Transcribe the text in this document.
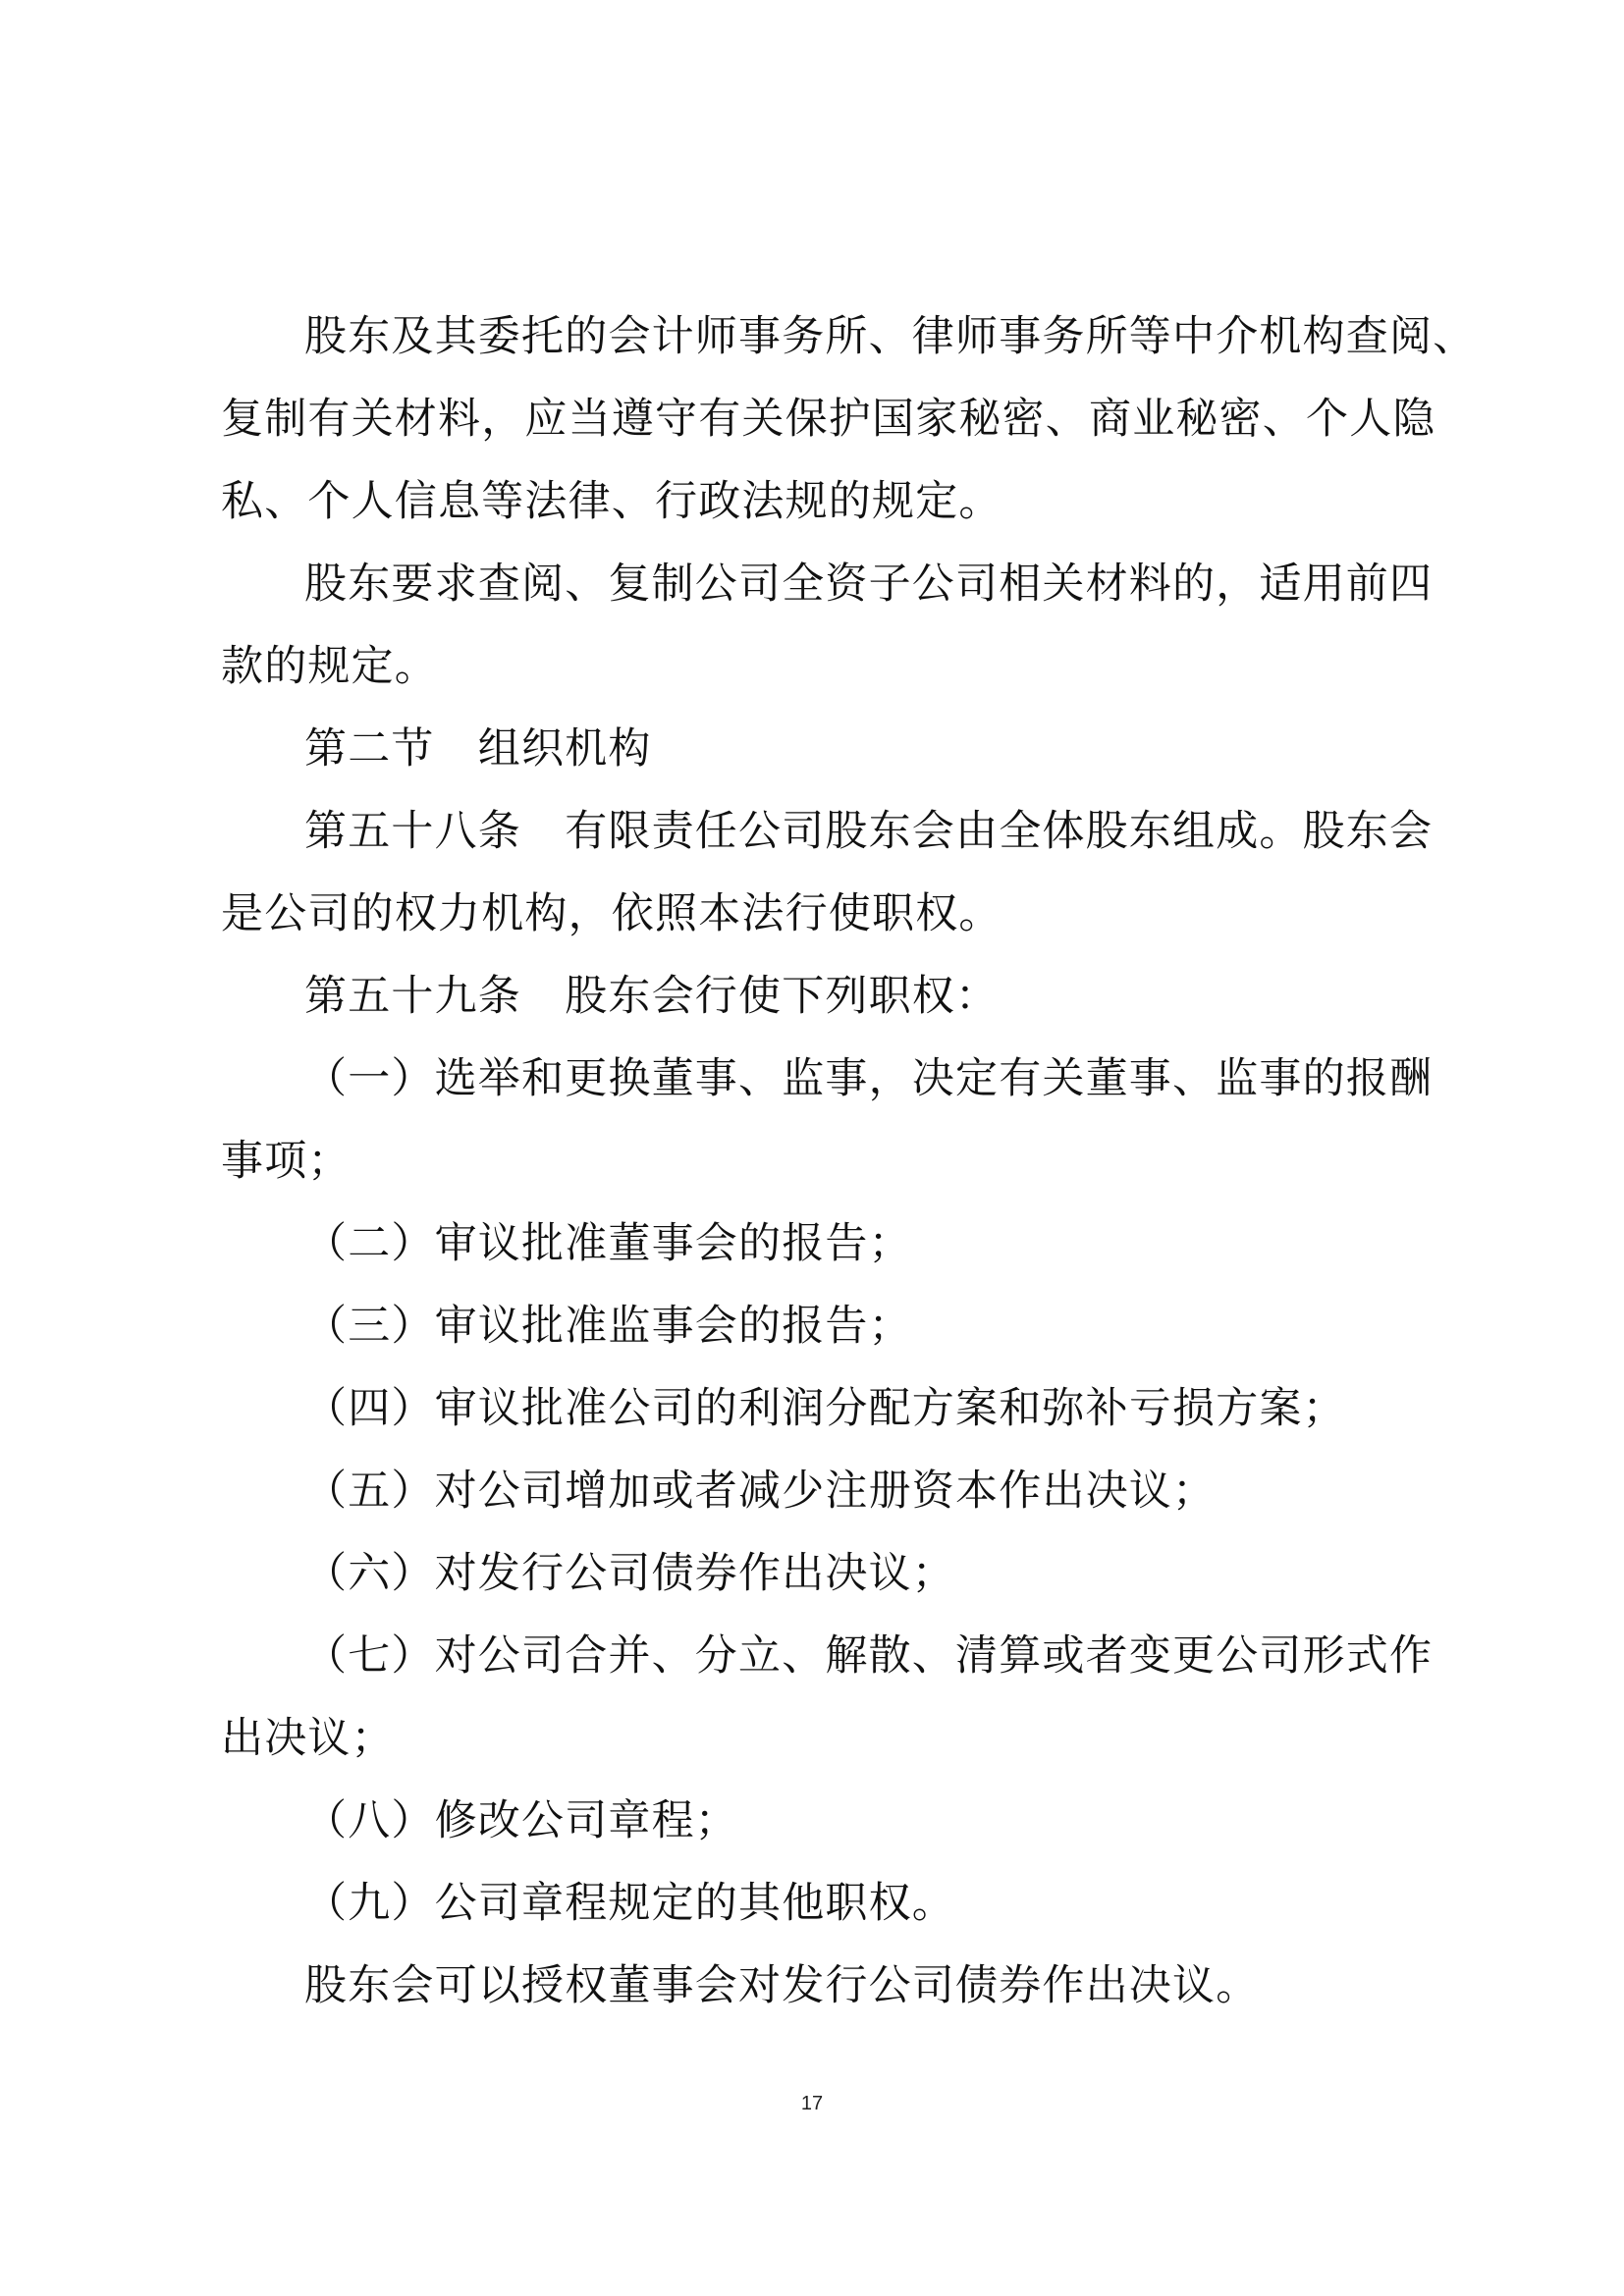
股东及其委托的会计师事务所、律师事务所等中介机构查阅、
复制有关材料，应当遵守有关保护国家秘密、商业秘密、个人隐
私、个人信息等法律、行政法规的规定。
股东要求查阅、复制公司全资子公司相关材料的，适用前四
款的规定。
第二节　组织机构
第五十八条　有限责任公司股东会由全体股东组成。股东会
是公司的权力机构，依照本法行使职权。
第五十九条　股东会行使下列职权：
（一）选举和更换董事、监事，决定有关董事、监事的报酬
事项；
（二）审议批准董事会的报告；
（三）审议批准监事会的报告；
（四）审议批准公司的利润分配方案和弥补亏损方案；
（五）对公司增加或者减少注册资本作出决议；
（六）对发行公司债券作出决议；
（七）对公司合并、分立、解散、清算或者变更公司形式作
出决议；
（八）修改公司章程；
（九）公司章程规定的其他职权。
股东会可以授权董事会对发行公司债券作出决议。
17
